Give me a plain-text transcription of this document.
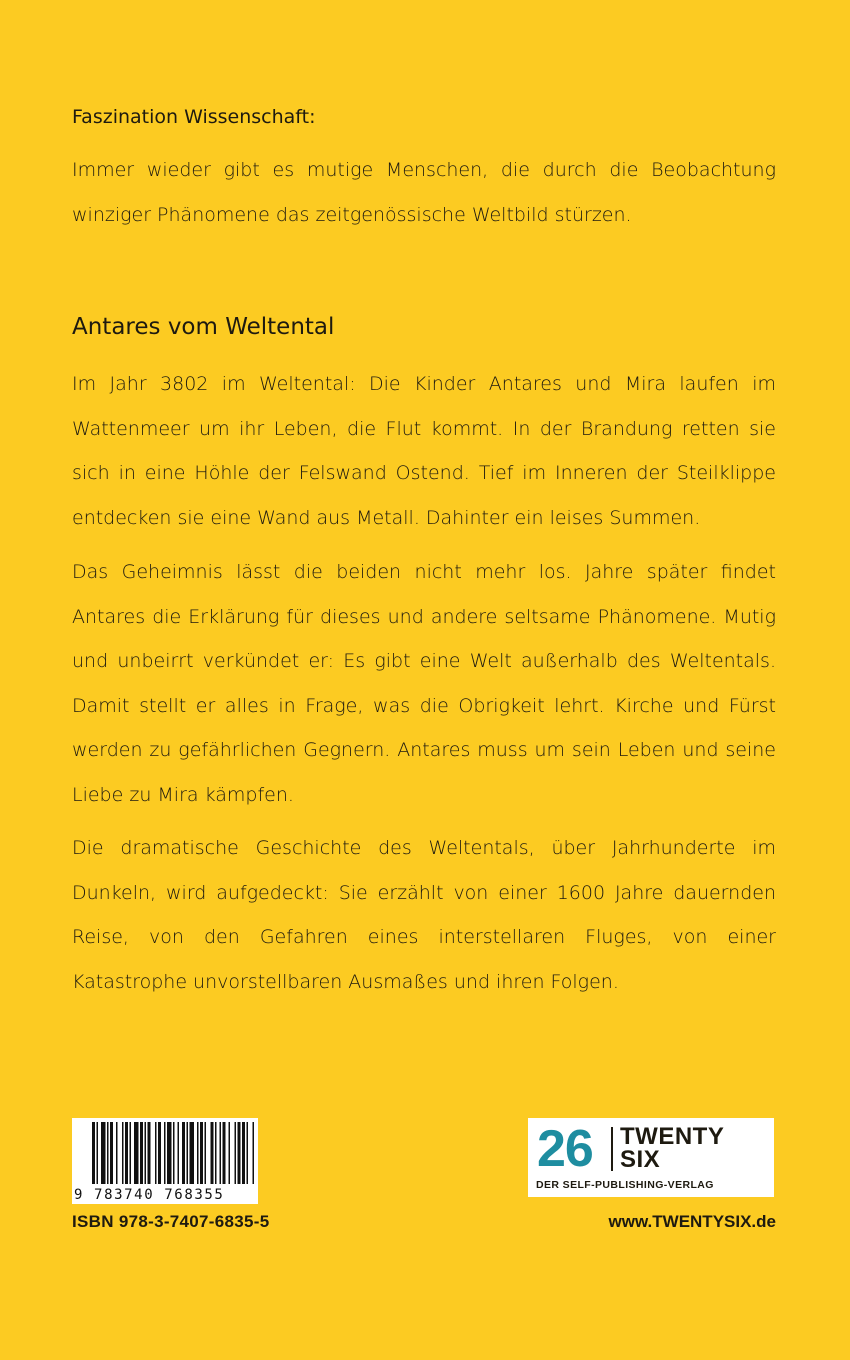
Faszination Wissenschaft:

Immer wieder gibt es mutige Menschen, die durch die Beobachtung winziger Phänomene das zeitgenössische Weltbild stürzen.

Antares vom Weltental

Im Jahr 3802 im Weltental: Die Kinder Antares und Mira laufen im Wattenmeer um ihr Leben, die Flut kommt. In der Brandung retten sie sich in eine Höhle der Felswand Ostend. Tief im Inneren der Steilklippe entdecken sie eine Wand aus Metall. Dahinter ein leises Summen.

Das Geheimnis lässt die beiden nicht mehr los. Jahre später findet Antares die Erklärung für dieses und andere seltsame Phänomene. Mutig und unbeirrt verkündet er: Es gibt eine Welt außerhalb des Weltentals. Damit stellt er alles in Frage, was die Obrigkeit lehrt. Kirche und Fürst werden zu gefährlichen Gegnern. Antares muss um sein Leben und seine Liebe zu Mira kämpfen.

Die dramatische Geschichte des Weltentals, über Jahrhunderte im Dunkeln, wird aufgedeckt: Sie erzählt von einer 1600 Jahre dauernden Reise, von den Gefahren eines interstellaren Fluges, von einer Katastrophe unvorstellbaren Ausmaßes und ihren Folgen.

9 783740 768355
ISBN 978-3-7407-6835-5
26 TWENTY
SIX
DER SELF-PUBLISHING-VERLAG
www.TWENTYSIX.de
